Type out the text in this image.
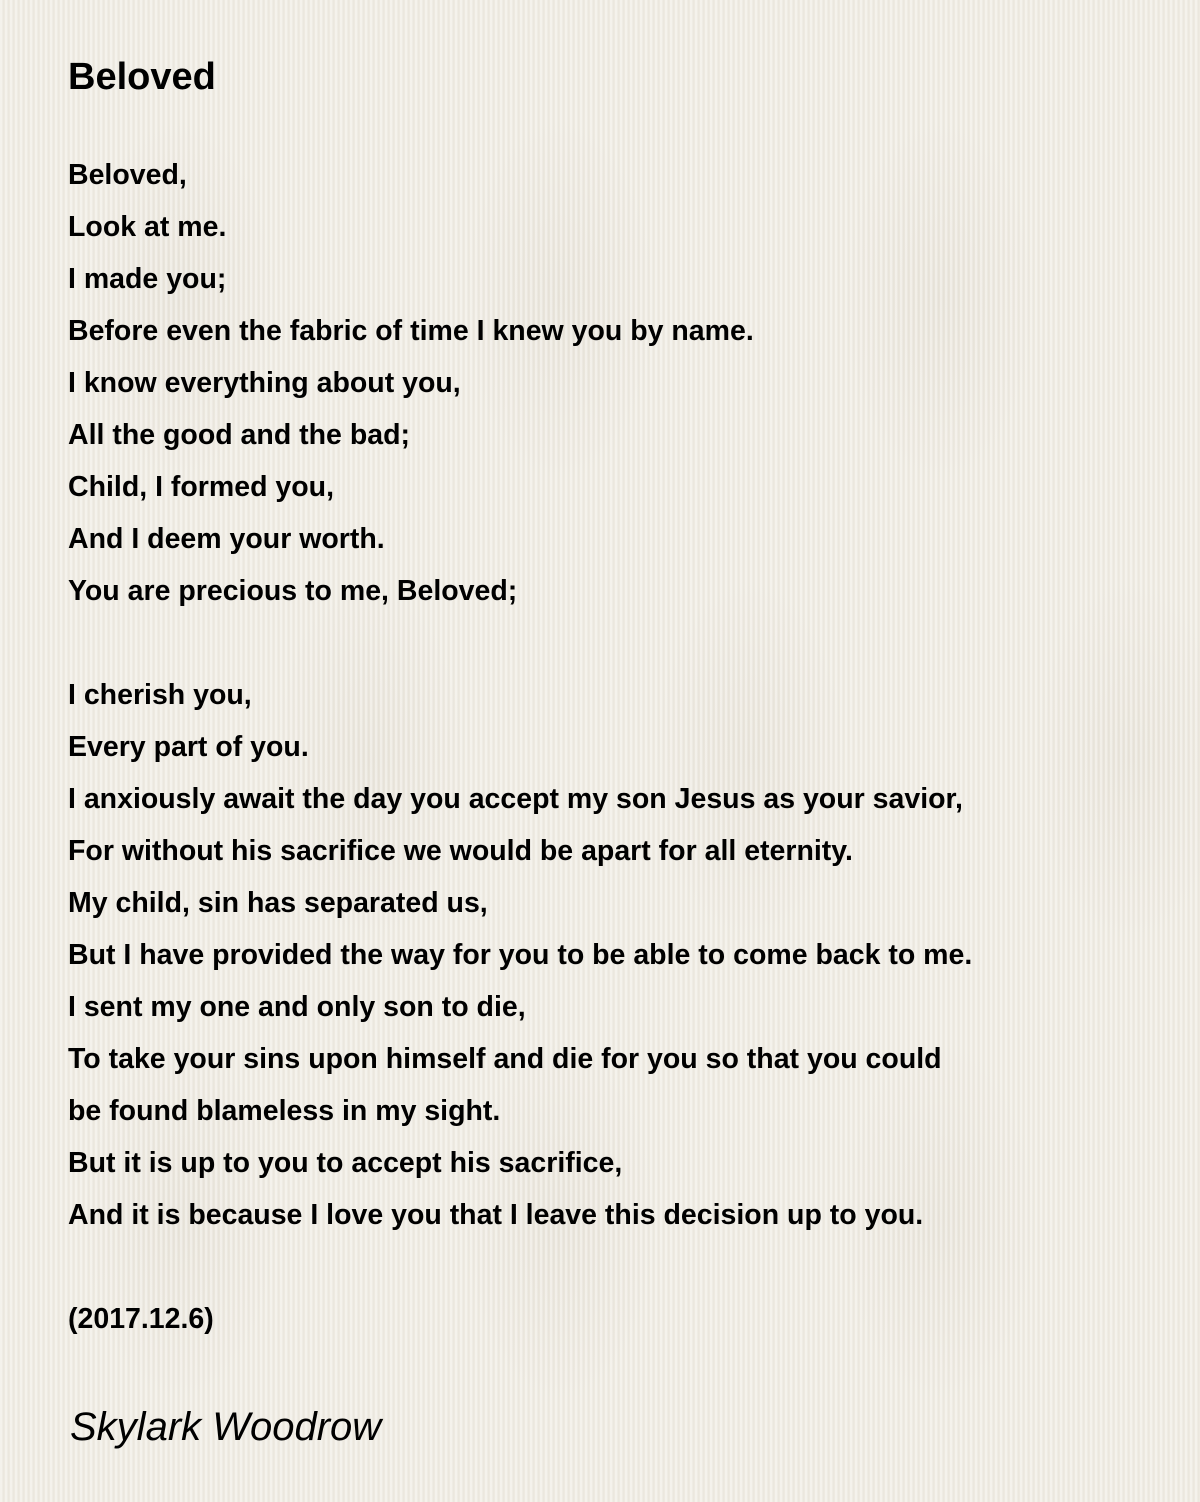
Beloved
Beloved,
Look at me.
I made you;
Before even the fabric of time I knew you by name.
I know everything about you,
All the good and the bad;
Child, I formed you,
And I deem your worth.
You are precious to me, Beloved;
I cherish you,
Every part of you.
I anxiously await the day you accept my son Jesus as your savior,
For without his sacrifice we would be apart for all eternity.
My child, sin has separated us,
But I have provided the way for you to be able to come back to me.
I sent my one and only son to die,
To take your sins upon himself and die for you so that you could
be found blameless in my sight.
But it is up to you to accept his sacrifice,
And it is because I love you that I leave this decision up to you.
(2017.12.6)
Skylark Woodrow
